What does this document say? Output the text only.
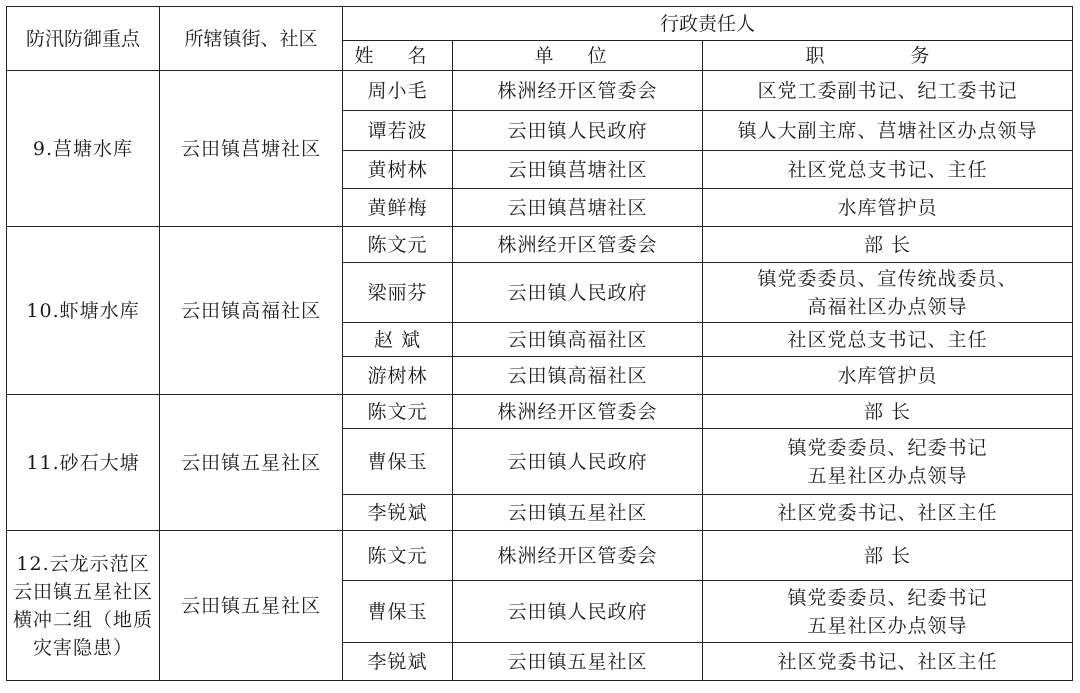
防汛防御重点	所辖镇街、社区	行政责任人		
		姓 名	单 位	职 务
9.莒塘水库	云田镇莒塘社区	周小毛	株洲经开区管委会	区党工委副书记、纪工委书记

		谭若波	云田镇人民政府	镇人大副主席、莒塘社区办点领导

		黄树林	云田镇莒塘社区	社区党总支书记、主任

		黄鲜梅	云田镇莒塘社区	水库管护员

10.虾塘水库	云田镇高福社区	陈文元	株洲经开区管委会	部 长

		梁丽芬	云田镇人民政府	镇党委委员、宣传统战委员、
高福社区办点领导

		赵 斌	云田镇高福社区	社区党总支书记、主任

		游树林	云田镇高福社区	水库管护员

11.砂石大塘	云田镇五星社区	陈文元	株洲经开区管委会	部 长

		曹保玉	云田镇人民政府	镇党委委员、纪委书记
五星社区办点领导

		李锐斌	云田镇五星社区	社区党委书记、社区主任

12.云龙示范区云田镇五星社区横冲二组（地质灾害隐患）	云田镇五星社区	陈文元	株洲经开区管委会	部 长

		曹保玉	云田镇人民政府	镇党委委员、纪委书记
五星社区办点领导

		李锐斌	云田镇五星社区	社区党委书记、社区主任
